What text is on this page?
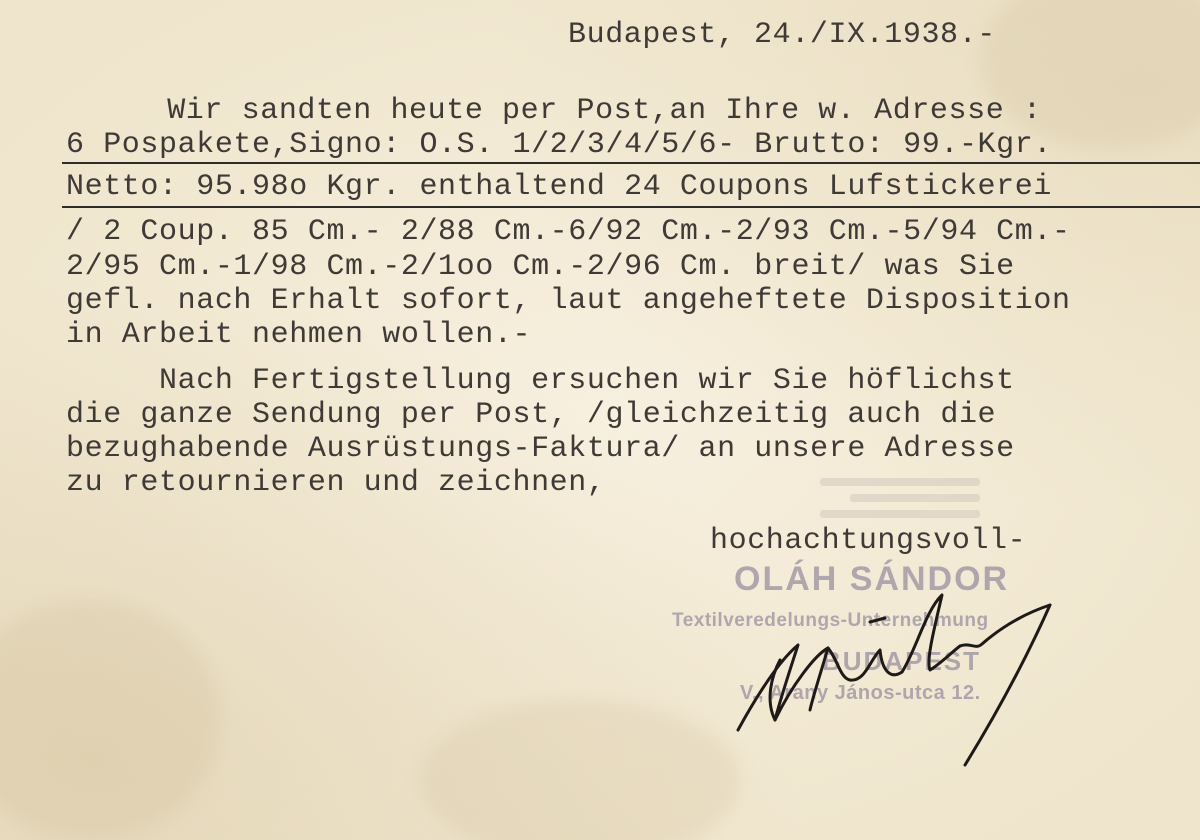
Budapest, 24./IX.1938.-

Wir sandten heute per Post,an Ihre w. Adresse :

6 Pospakete,Signo: O.S. 1/2/3/4/5/6- Brutto: 99.-Kgr.

Netto: 95.98o Kgr. enthaltend 24 Coupons Lufstickerei

/ 2 Coup. 85 Cm.- 2/88 Cm.-6/92 Cm.-2/93 Cm.-5/94 Cm.-

2/95 Cm.-1/98 Cm.-2/1oo Cm.-2/96 Cm. breit/ was Sie

gefl. nach Erhalt sofort, laut angeheftete Disposition

in Arbeit nehmen wollen.-

Nach Fertigstellung ersuchen wir Sie höflichst

die ganze Sendung per Post, /gleichzeitig auch die

bezughabende Ausrüstungs-Faktura/ an unsere Adresse

zu retournieren und zeichnen,

hochachtungsvoll-

OLÁH SÁNDOR
Textilveredelungs-Unternehmung
BUDAPEST
V., Arany János-utca 12.
